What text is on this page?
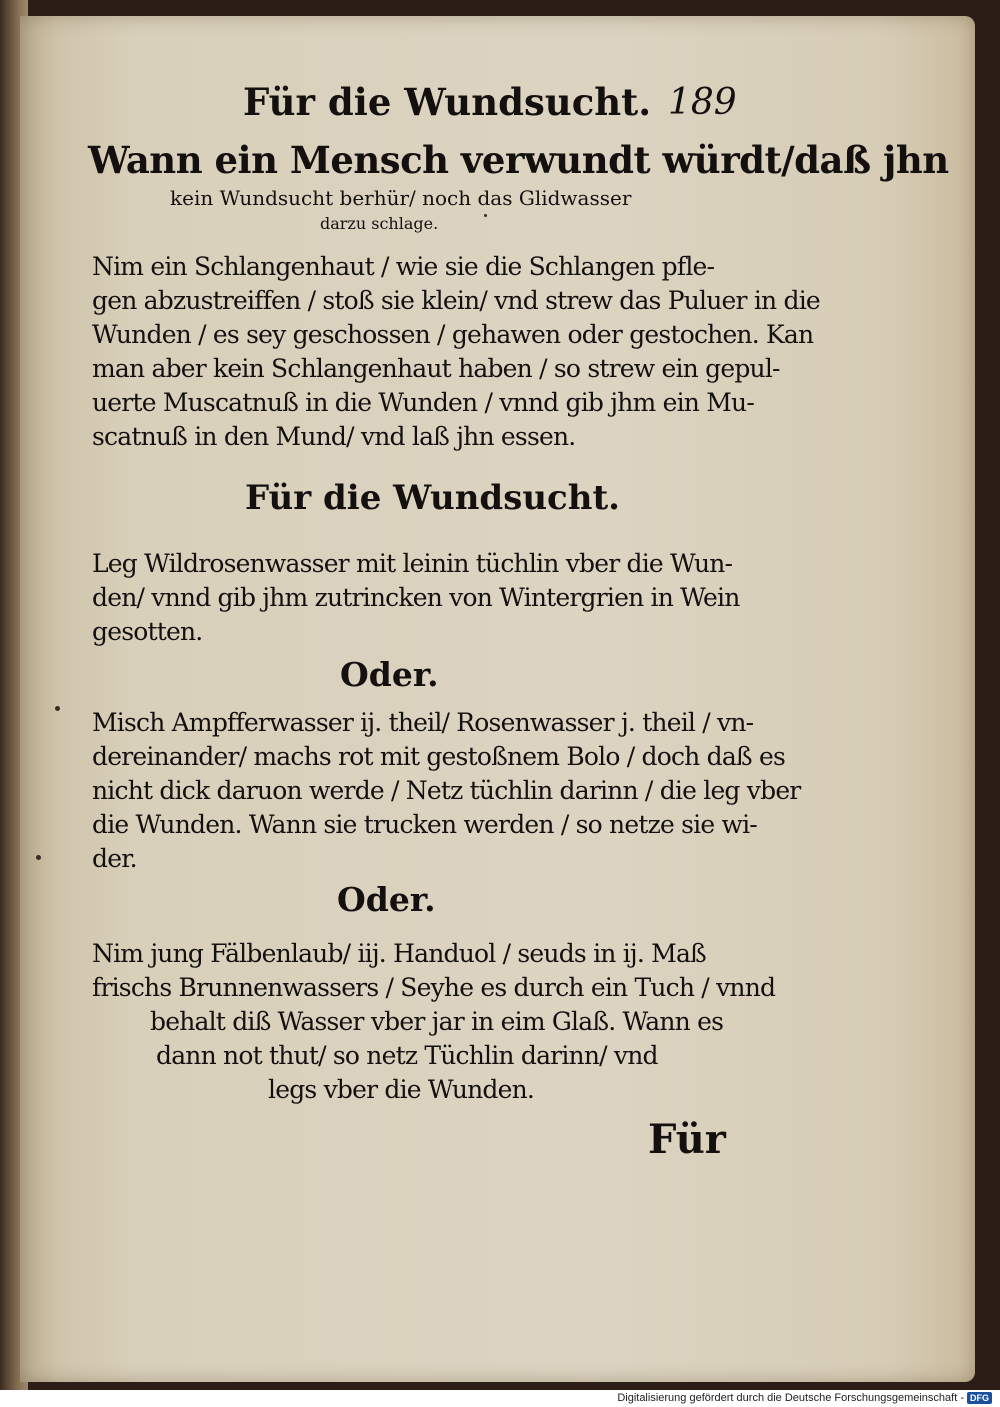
Für die Wundsucht. 189
Wann ein Mensch verwundt würdt/daß jhn
kein Wundsucht berhür/ noch das Glidwasser
darzu schlage.
Nim ein Schlangenhaut / wie sie die Schlangen pfle-
gen abzustreiffen / stoß sie klein/ vnd strew das Puluer in die
Wunden / es sey geschossen / gehawen oder gestochen. Kan
man aber kein Schlangenhaut haben / so strew ein gepul-
uerte Muscatnuß in die Wunden / vnnd gib jhm ein Mu-
scatnuß in den Mund/ vnd laß jhn essen.
Für die Wundsucht.
Leg Wildrosenwasser mit leinin tüchlin vber die Wun-
den/ vnnd gib jhm zutrincken von Wintergrien in Wein
gesotten.
Oder.
Misch Ampfferwasser ij. theil/ Rosenwasser j. theil / vn-
dereinander/ machs rot mit gestoßnem Bolo / doch daß es
nicht dick daruon werde / Netz tüchlin darinn / die leg vber
die Wunden. Wann sie trucken werden / so netze sie wi-
der.
Oder.
Nim jung Fälbenlaub/ iij. Handuol / seuds in ij. Maß
frischs Brunnenwassers / Seyhe es durch ein Tuch / vnnd
behalt diß Wasser vber jar in eim Glaß. Wann es
dann not thut/ so netz Tüchlin darinn/ vnd
legs vber die Wunden.
Für
Digitalisierung gefördert durch die Deutsche Forschungsgemeinschaft - DFG
